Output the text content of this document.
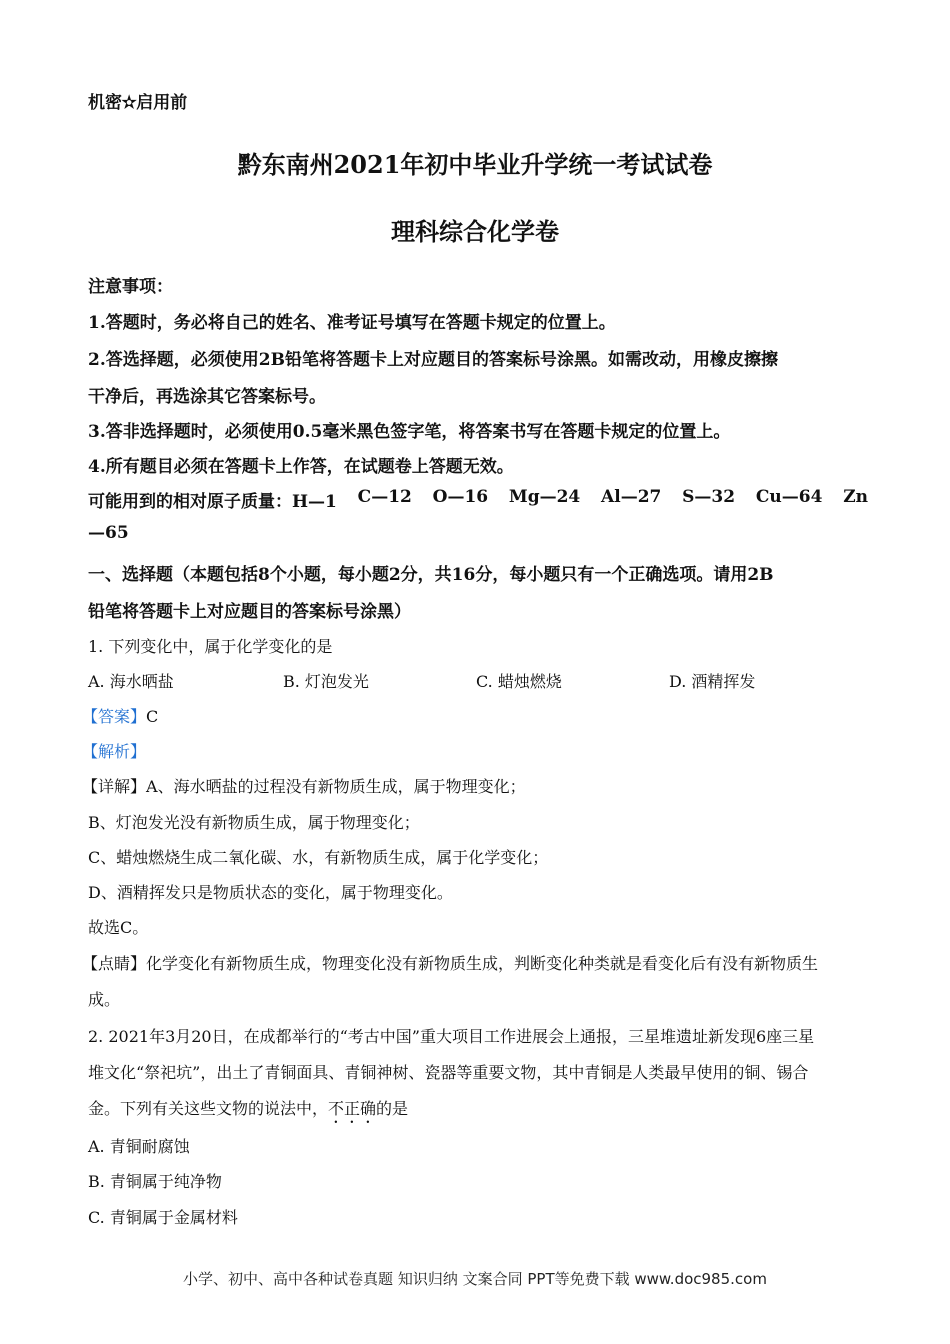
机密✫启用前
黔东南州2021年初中毕业升学统一考试试卷
理科综合化学卷
注意事项：
1.答题时，务必将自己的姓名、准考证号填写在答题卡规定的位置上。
2.答选择题，必须使用2B铅笔将答题卡上对应题目的答案标号涂黑。如需改动，用橡皮擦擦
干净后，再选涂其它答案标号。
3.答非选择题时，必须使用0.5毫米黑色签字笔，将答案书写在答题卡规定的位置上。
4.所有题目必须在答题卡上作答，在试题卷上答题无效。
可能用到的相对原子质量：H—1 C—12 O—16 Mg—24 Al—27 S—32 Cu—64 Zn
—65
一、选择题（本题包括8个小题，每小题2分，共16分，每小题只有一个正确选项。请用2B
铅笔将答题卡上对应题目的答案标号涂黑）
1. 下列变化中，属于化学变化的是
A. 海水晒盐	B. 灯泡发光	C. 蜡烛燃烧	D. 酒精挥发
【答案】C
【解析】
【详解】A、海水晒盐的过程没有新物质生成，属于物理变化；
B、灯泡发光没有新物质生成，属于物理变化；
C、蜡烛燃烧生成二氧化碳、水，有新物质生成，属于化学变化；
D、酒精挥发只是物质状态的变化，属于物理变化。
故选C。
【点睛】化学变化有新物质生成，物理变化没有新物质生成，判断变化种类就是看变化后有没有新物质生
成。
2. 2021年3月20日，在成都举行的“考古中国”重大项目工作进展会上通报，三星堆遗址新发现6座三星
堆文化“祭祀坑”，出土了青铜面具、青铜神树、瓷器等重要文物，其中青铜是人类最早使用的铜、锡合
金。下列有关这些文物的说法中，不正确的是
A. 青铜耐腐蚀
B. 青铜属于纯净物
C. 青铜属于金属材料
小学、初中、高中各种试卷真题 知识归纳 文案合同 PPT等免费下载 www.doc985.com
